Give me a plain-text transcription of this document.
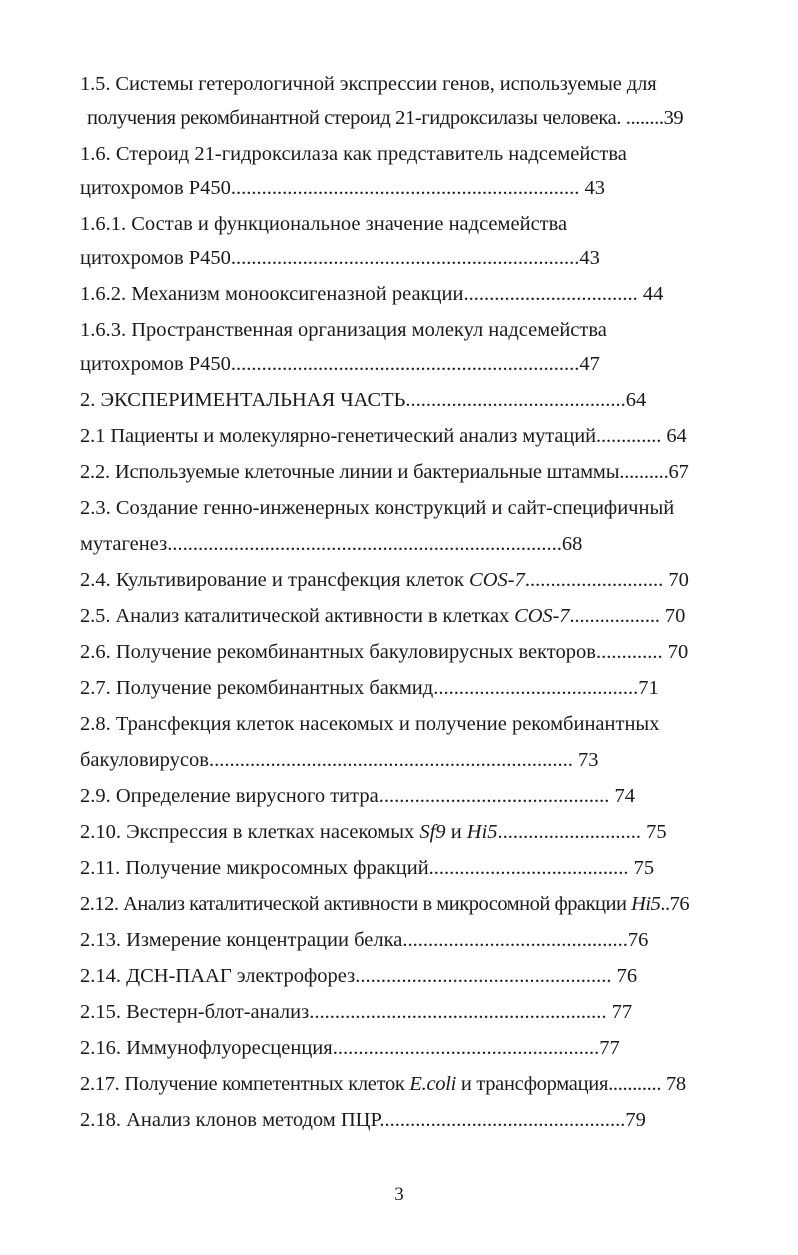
1.5. Системы гетерологичной экспрессии генов, используемые для
получения рекомбинантной стероид 21-гидроксилазы человека. ........39
1.6. Стероид 21-гидроксилаза как представитель надсемейства
цитохромов Р450.................................................................... 43
1.6.1. Состав и функциональное значение надсемейства
цитохромов Р450....................................................................43
1.6.2. Механизм монооксигеназной реакции.................................. 44
1.6.3. Пространственная организация молекул надсемейства
цитохромов Р450....................................................................47
2. ЭКСПЕРИМЕНТАЛЬНАЯ ЧАСТЬ...........................................64
2.1 Пациенты и молекулярно-генетический анализ мутаций............. 64
2.2. Используемые клеточные линии и бактериальные штаммы..........67
2.3. Создание генно-инженерных конструкций и сайт-специфичный
мутагенез.............................................................................68
2.4. Культивирование и трансфекция клеток COS-7........................... 70
2.5. Анализ каталитической активности в клетках COS-7.................. 70
2.6. Получение рекомбинантных бакуловирусных векторов............. 70
2.7. Получение рекомбинантных бакмид........................................71
2.8. Трансфекция клеток насекомых и получение рекомбинантных
бакуловирусов....................................................................... 73
2.9. Определение вирусного титра............................................. 74
2.10. Экспрессия в клетках насекомых Sf9 и Hi5............................ 75
2.11. Получение микросомных фракций....................................... 75
2.12. Анализ каталитической активности в микросомной фракции Hi5..76
2.13. Измерение концентрации белка............................................76
2.14. ДСН-ПААГ электрофорез.................................................. 76
2.15. Вестерн-блот-анализ.......................................................... 77
2.16. Иммунофлуоресценция....................................................77
2.17. Получение компетентных клеток E.coli и трансформация........... 78
2.18. Анализ клонов методом ПЦР................................................79
3
